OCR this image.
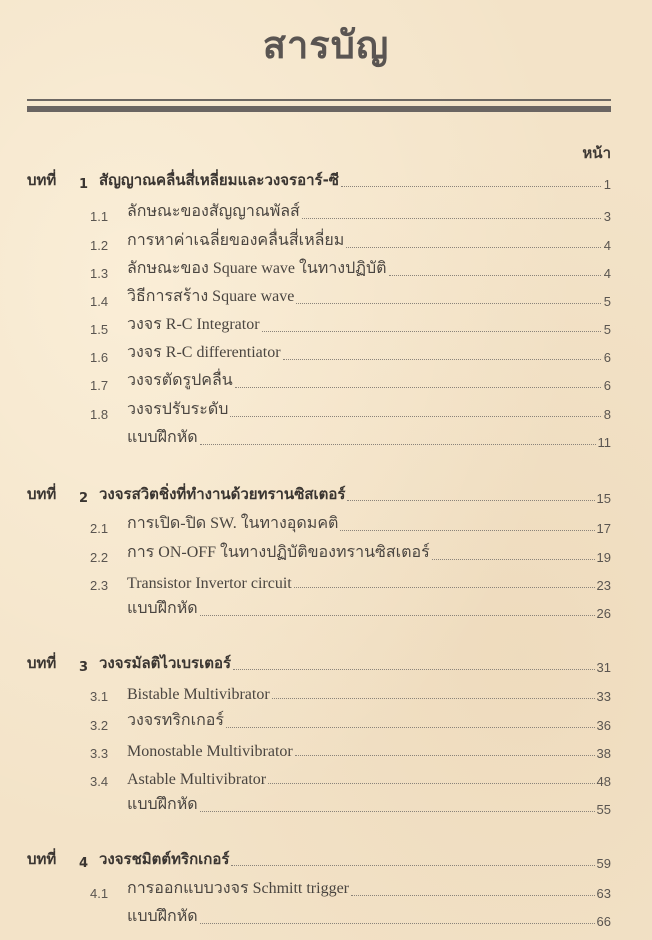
สารบัญ
หน้า
บทที่	1 สัญญาณคลื่นสี่เหลี่ยมและวงจรอาร์-ซี	1
1.1	ลักษณะของสัญญาณพัลส์	3
1.2	การหาค่าเฉลี่ยของคลื่นสี่เหลี่ยม	4
1.3	ลักษณะของ Square wave ในทางปฏิบัติ	4
1.4	วิธีการสร้าง Square wave	5
1.5	วงจร R-C Integrator	5
1.6	วงจร R-C differentiator	6
1.7	วงจรตัดรูปคลื่น	6
1.8	วงจรปรับระดับ	8
แบบฝึกหัด	11
บทที่	2 วงจรสวิตชิ่งที่ทำงานด้วยทรานซิสเตอร์	15
2.1	การเปิด-ปิด SW. ในทางอุดมคติ	17
2.2	การ ON-OFF ในทางปฏิบัติของทรานซิสเตอร์	19
2.3	Transistor Invertor circuit	23
แบบฝึกหัด	26
บทที่	3 วงจรมัลติไวเบรเตอร์	31
3.1	Bistable Multivibrator	33
3.2	วงจรทริกเกอร์	36
3.3	Monostable Multivibrator	38
3.4	Astable Multivibrator	48
แบบฝึกหัด	55
บทที่	4 วงจรชมิตต์ทริกเกอร์	59
4.1	การออกแบบวงจร Schmitt trigger	63
แบบฝึกหัด	66
